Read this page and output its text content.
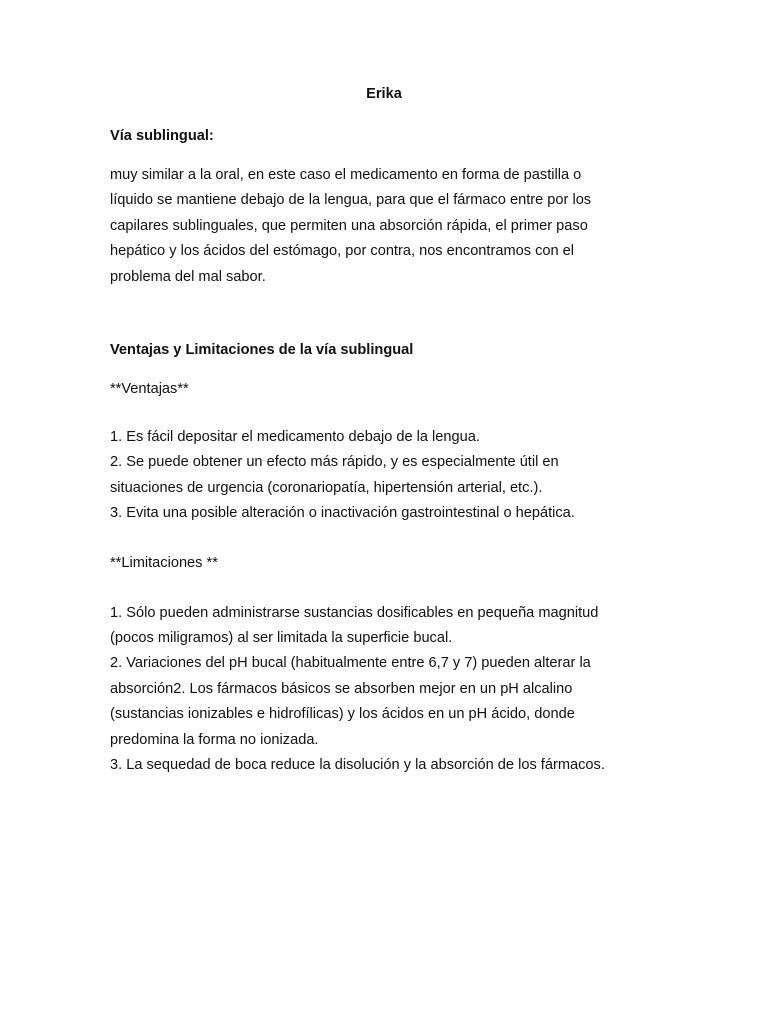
Erika

Vía sublingual:

muy similar a la oral, en este caso el medicamento en forma de pastilla o
líquido se mantiene debajo de la lengua, para que el fármaco entre por los
capilares sublinguales, que permiten una absorción rápida, el primer paso
hepático y los ácidos del estómago, por contra, nos encontramos con el
problema del mal sabor.

Ventajas y Limitaciones de la vía sublingual

**Ventajas**

1. Es fácil depositar el medicamento debajo de la lengua.
2. Se puede obtener un efecto más rápido, y es especialmente útil en
situaciones de urgencia (coronariopatía, hipertensión arterial, etc.).
3. Evita una posible alteración o inactivación gastrointestinal o hepática.

**Limitaciones **

1. Sólo pueden administrarse sustancias dosificables en pequeña magnitud
(pocos miligramos) al ser limitada la superficie bucal.
2. Variaciones del pH bucal (habitualmente entre 6,7 y 7) pueden alterar la
absorción2. Los fármacos básicos se absorben mejor en un pH alcalino
(sustancias ionizables e hidrofílicas) y los ácidos en un pH ácido, donde
predomina la forma no ionizada.
3. La sequedad de boca reduce la disolución y la absorción de los fármacos.
